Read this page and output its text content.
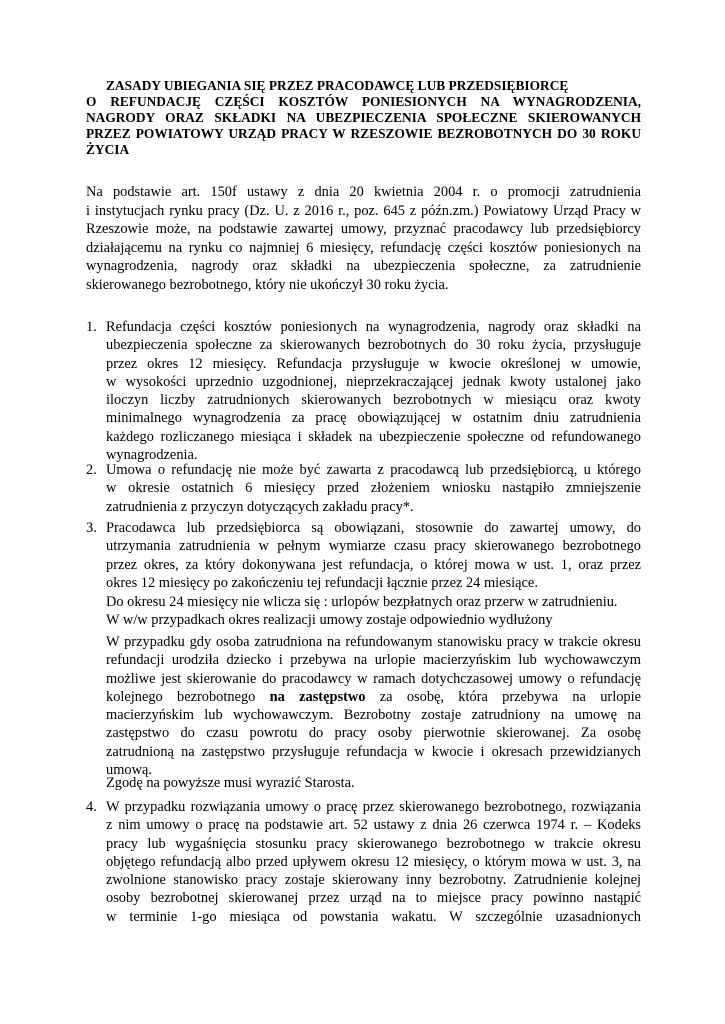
ZASADY UBIEGANIA SIĘ PRZEZ PRACODAWCĘ LUB PRZEDSIĘBIORCĘ

O REFUNDACJĘ CZĘŚCI KOSZTÓW PONIESIONYCH NA WYNAGRODZENIA,

NAGRODY ORAZ SKŁADKI NA UBEZPIECZENIA SPOŁECZNE SKIEROWANYCH

PRZEZ POWIATOWY URZĄD PRACY W RZESZOWIE BEZROBOTNYCH DO 30 ROKU

ŻYCIA

Na podstawie art. 150f ustawy z dnia 20 kwietnia 2004 r. o promocji zatrudnienia

i instytucjach rynku pracy (Dz. U. z 2016 r., poz. 645 z późn.zm.) Powiatowy Urząd Pracy w

Rzeszowie może, na podstawie zawartej umowy, przyznać pracodawcy lub przedsiębiorcy

działającemu na rynku co najmniej 6 miesięcy, refundację części kosztów poniesionych na

wynagrodzenia, nagrody oraz składki na ubezpieczenia społeczne, za zatrudnienie

skierowanego bezrobotnego, który nie ukończył 30 roku życia.

1. Refundacja części kosztów poniesionych na wynagrodzenia, nagrody oraz składki na

ubezpieczenia społeczne za skierowanych bezrobotnych do 30 roku życia, przysługuje

przez okres 12 miesięcy. Refundacja przysługuje w kwocie określonej w umowie,

w wysokości uprzednio uzgodnionej, nieprzekraczającej jednak kwoty ustalonej jako

iloczyn liczby zatrudnionych skierowanych bezrobotnych w miesiącu oraz kwoty

minimalnego wynagrodzenia za pracę obowiązującej w ostatnim dniu zatrudnienia

każdego rozliczanego miesiąca i składek na ubezpieczenie społeczne od refundowanego

wynagrodzenia.

2. Umowa o refundację nie może być zawarta z pracodawcą lub przedsiębiorcą, u którego

w okresie ostatnich 6 miesięcy przed złożeniem wniosku nastąpiło zmniejszenie

zatrudnienia z przyczyn dotyczących zakładu pracy*.

3. Pracodawca lub przedsiębiorca są obowiązani, stosownie do zawartej umowy, do

utrzymania zatrudnienia w pełnym wymiarze czasu pracy skierowanego bezrobotnego

przez okres, za który dokonywana jest refundacja, o której mowa w ust. 1, oraz przez

okres 12 miesięcy po zakończeniu tej refundacji łącznie przez 24 miesiące.

Do okresu 24 miesięcy nie wlicza się : urlopów bezpłatnych oraz przerw w zatrudnieniu.

W w/w przypadkach okres realizacji umowy zostaje odpowiednio wydłużony

W przypadku gdy osoba zatrudniona na refundowanym stanowisku pracy w trakcie okresu

refundacji urodziła dziecko i przebywa na urlopie macierzyńskim lub wychowawczym

możliwe jest skierowanie do pracodawcy w ramach dotychczasowej umowy o refundację

kolejnego bezrobotnego na zastępstwo za osobę, która przebywa na urlopie

macierzyńskim lub wychowawczym. Bezrobotny zostaje zatrudniony na umowę na

zastępstwo do czasu powrotu do pracy osoby pierwotnie skierowanej. Za osobę

zatrudnioną na zastępstwo przysługuje refundacja w kwocie i okresach przewidzianych

umową.

Zgodę na powyższe musi wyrazić Starosta.

4. W przypadku rozwiązania umowy o pracę przez skierowanego bezrobotnego, rozwiązania

z nim umowy o pracę na podstawie art. 52 ustawy z dnia 26 czerwca 1974 r. – Kodeks

pracy lub wygaśnięcia stosunku pracy skierowanego bezrobotnego w trakcie okresu

objętego refundacją albo przed upływem okresu 12 miesięcy, o którym mowa w ust. 3, na

zwolnione stanowisko pracy zostaje skierowany inny bezrobotny. Zatrudnienie kolejnej

osoby bezrobotnej skierowanej przez urząd na to miejsce pracy powinno nastąpić

w terminie 1-go miesiąca od powstania wakatu. W szczególnie uzasadnionych
